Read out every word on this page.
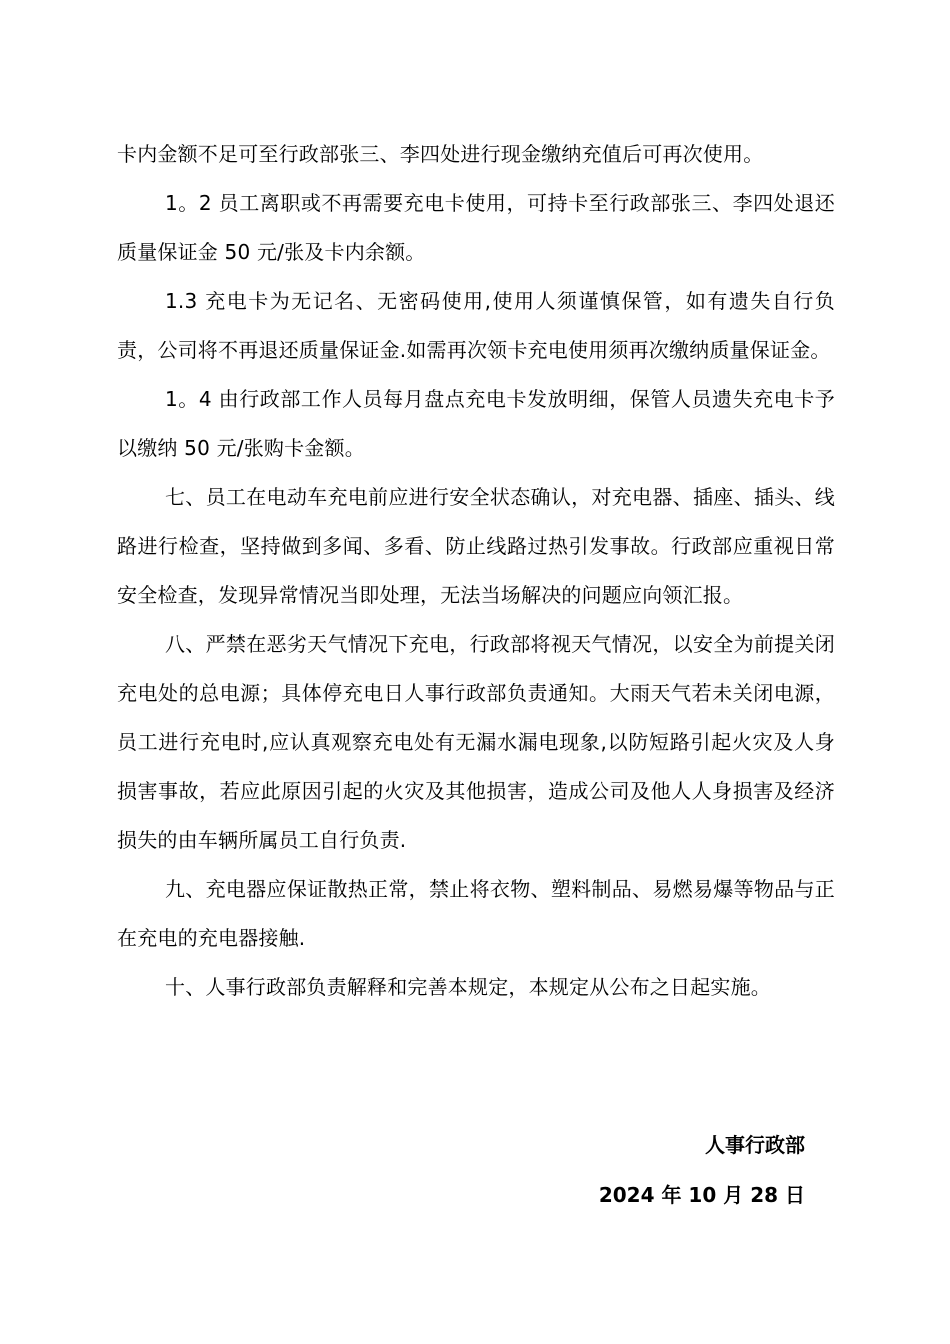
卡内金额不足可至行政部张三、李四处进行现金缴纳充值后可再次使用。

1。2 员工离职或不再需要充电卡使用，可持卡至行政部张三、李四处退还质量保证金 50 元/张及卡内余额。

1.3 充电卡为无记名、无密码使用,使用人须谨慎保管，如有遗失自行负责，公司将不再退还质量保证金.如需再次领卡充电使用须再次缴纳质量保证金。

1。4 由行政部工作人员每月盘点充电卡发放明细，保管人员遗失充电卡予以缴纳 50 元/张购卡金额。

七、员工在电动车充电前应进行安全状态确认，对充电器、插座、插头、线路进行检查，坚持做到多闻、多看、防止线路过热引发事故。行政部应重视日常安全检查，发现异常情况当即处理，无法当场解决的问题应向领汇报。

八、严禁在恶劣天气情况下充电，行政部将视天气情况，以安全为前提关闭充电处的总电源；具体停充电日人事行政部负责通知。大雨天气若未关闭电源，员工进行充电时,应认真观察充电处有无漏水漏电现象,以防短路引起火灾及人身损害事故，若应此原因引起的火灾及其他损害，造成公司及他人人身损害及经济损失的由车辆所属员工自行负责.

九、充电器应保证散热正常，禁止将衣物、塑料制品、易燃易爆等物品与正在充电的充电器接触.

十、人事行政部负责解释和完善本规定，本规定从公布之日起实施。

人事行政部
2024 年 10 月 28 日
